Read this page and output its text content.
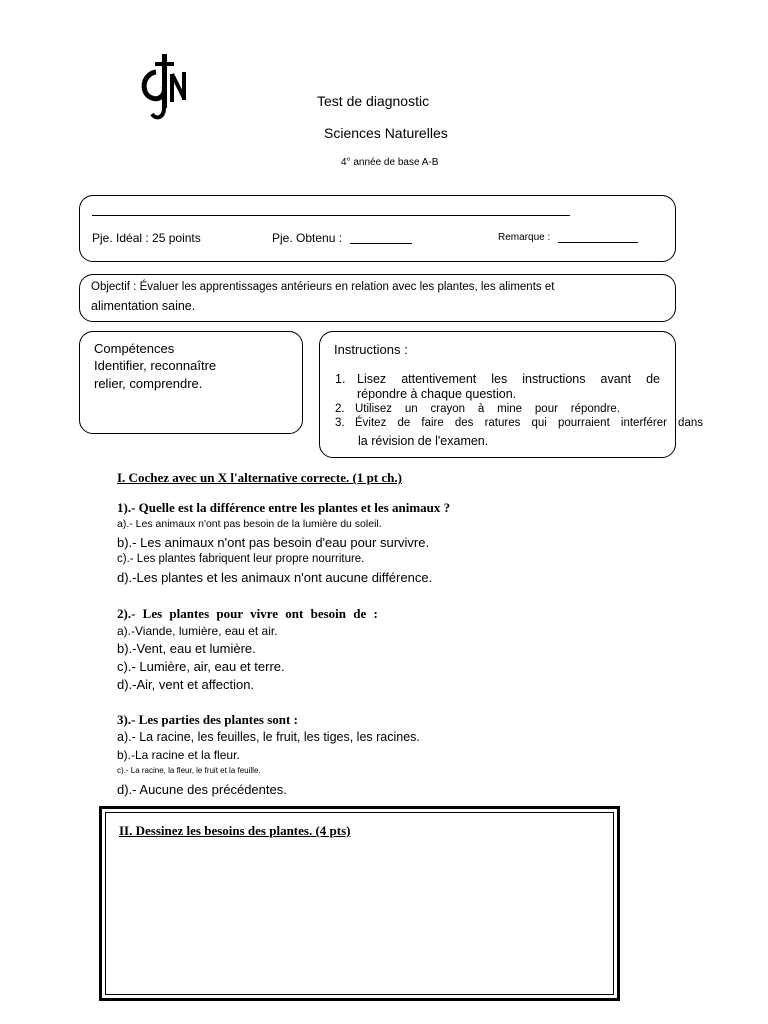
Test de diagnostic
Sciences Naturelles
4° année de base A-B
Pje. Idéal : 25 points	Pje. Obtenu :	Remarque :
Objectif : Évaluer les apprentissages antérieurs en relation avec les plantes, les aliments et
alimentation saine.
Compétences
Identifier, reconnaître
relier, comprendre.
Instructions :
1. Lisez attentivement les instructions avant de
répondre à chaque question.
2. Utilisez un crayon à mine pour répondre.
3. Évitez de faire des ratures qui pourraient interférer dans
la révision de l'examen.
I. Cochez avec un X l'alternative correcte. (1 pt ch.)
1).- Quelle est la différence entre les plantes et les animaux ?
a).- Les animaux n'ont pas besoin de la lumière du soleil.
b).- Les animaux n'ont pas besoin d'eau pour survivre.
c).- Les plantes fabriquent leur propre nourriture.
d).-Les plantes et les animaux n'ont aucune différence.
2).- Les plantes pour vivre ont besoin de :
a).-Viande, lumière, eau et air.
b).-Vent, eau et lumière.
c).- Lumière, air, eau et terre.
d).-Air, vent et affection.
3).- Les parties des plantes sont :
a).- La racine, les feuilles, le fruit, les tiges, les racines.
b).-La racine et la fleur.
c).- La racine, la fleur, le fruit et la feuille.
d).- Aucune des précédentes.
II. Dessinez les besoins des plantes. (4 pts)
